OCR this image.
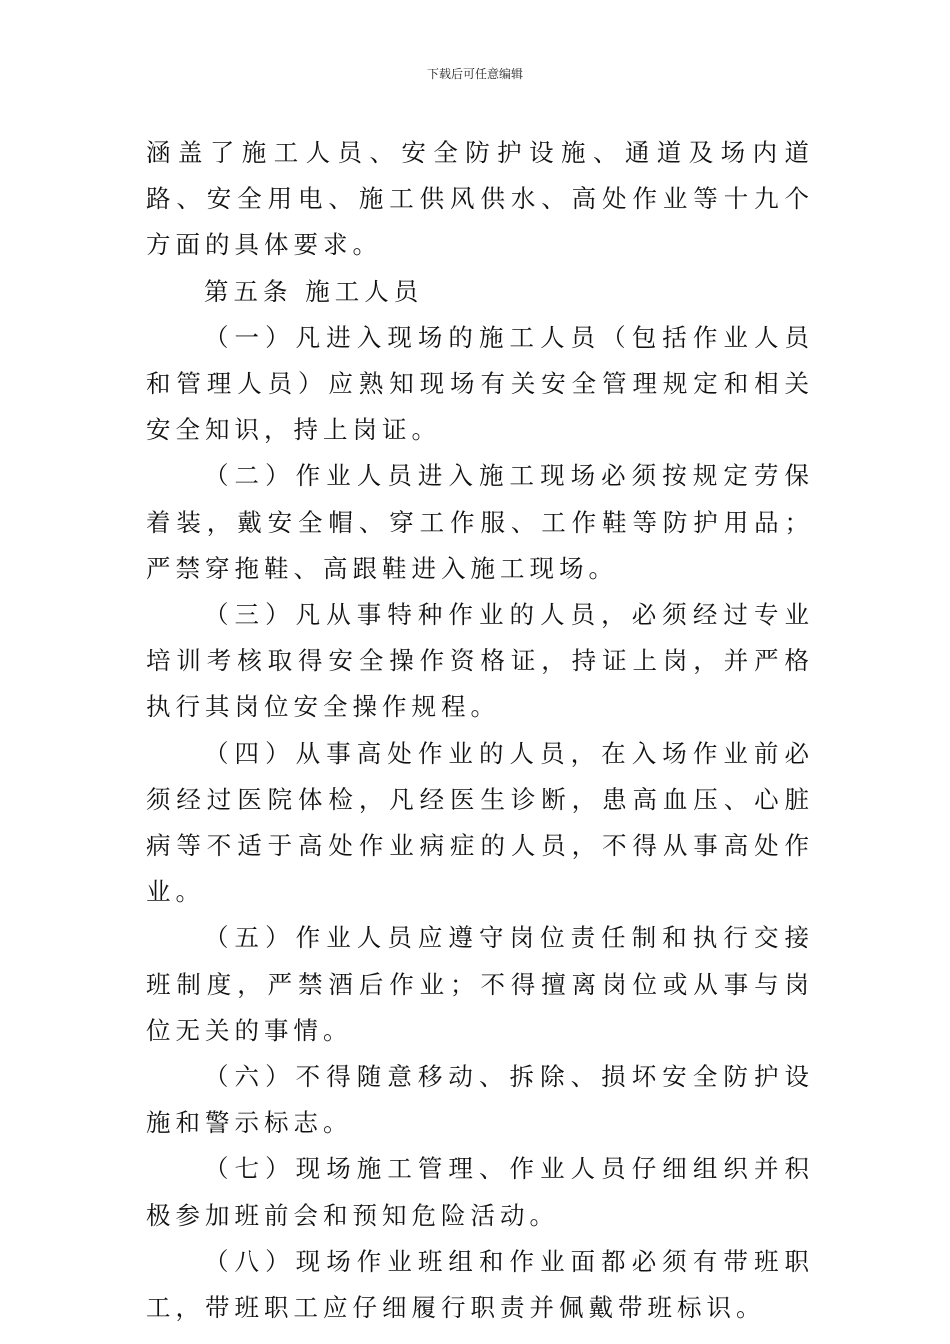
下载后可任意编辑

涵盖了施工人员、安全防护设施、通道及场内道路、安全用电、施工供风供水、高处作业等十九个方面的具体要求。

第五条 施工人员

（一）凡进入现场的施工人员（包括作业人员和管理人员）应熟知现场有关安全管理规定和相关安全知识，持上岗证。

（二）作业人员进入施工现场必须按规定劳保着装，戴安全帽、穿工作服、工作鞋等防护用品；严禁穿拖鞋、高跟鞋进入施工现场。

（三）凡从事特种作业的人员，必须经过专业培训考核取得安全操作资格证，持证上岗，并严格执行其岗位安全操作规程。

（四）从事高处作业的人员，在入场作业前必须经过医院体检，凡经医生诊断，患高血压、心脏病等不适于高处作业病症的人员，不得从事高处作业。

（五）作业人员应遵守岗位责任制和执行交接班制度，严禁酒后作业；不得擅离岗位或从事与岗位无关的事情。

（六）不得随意移动、拆除、损坏安全防护设施和警示标志。

（七）现场施工管理、作业人员仔细组织并积极参加班前会和预知危险活动。

（八）现场作业班组和作业面都必须有带班职工，带班职工应仔细履行职责并佩戴带班标识。
